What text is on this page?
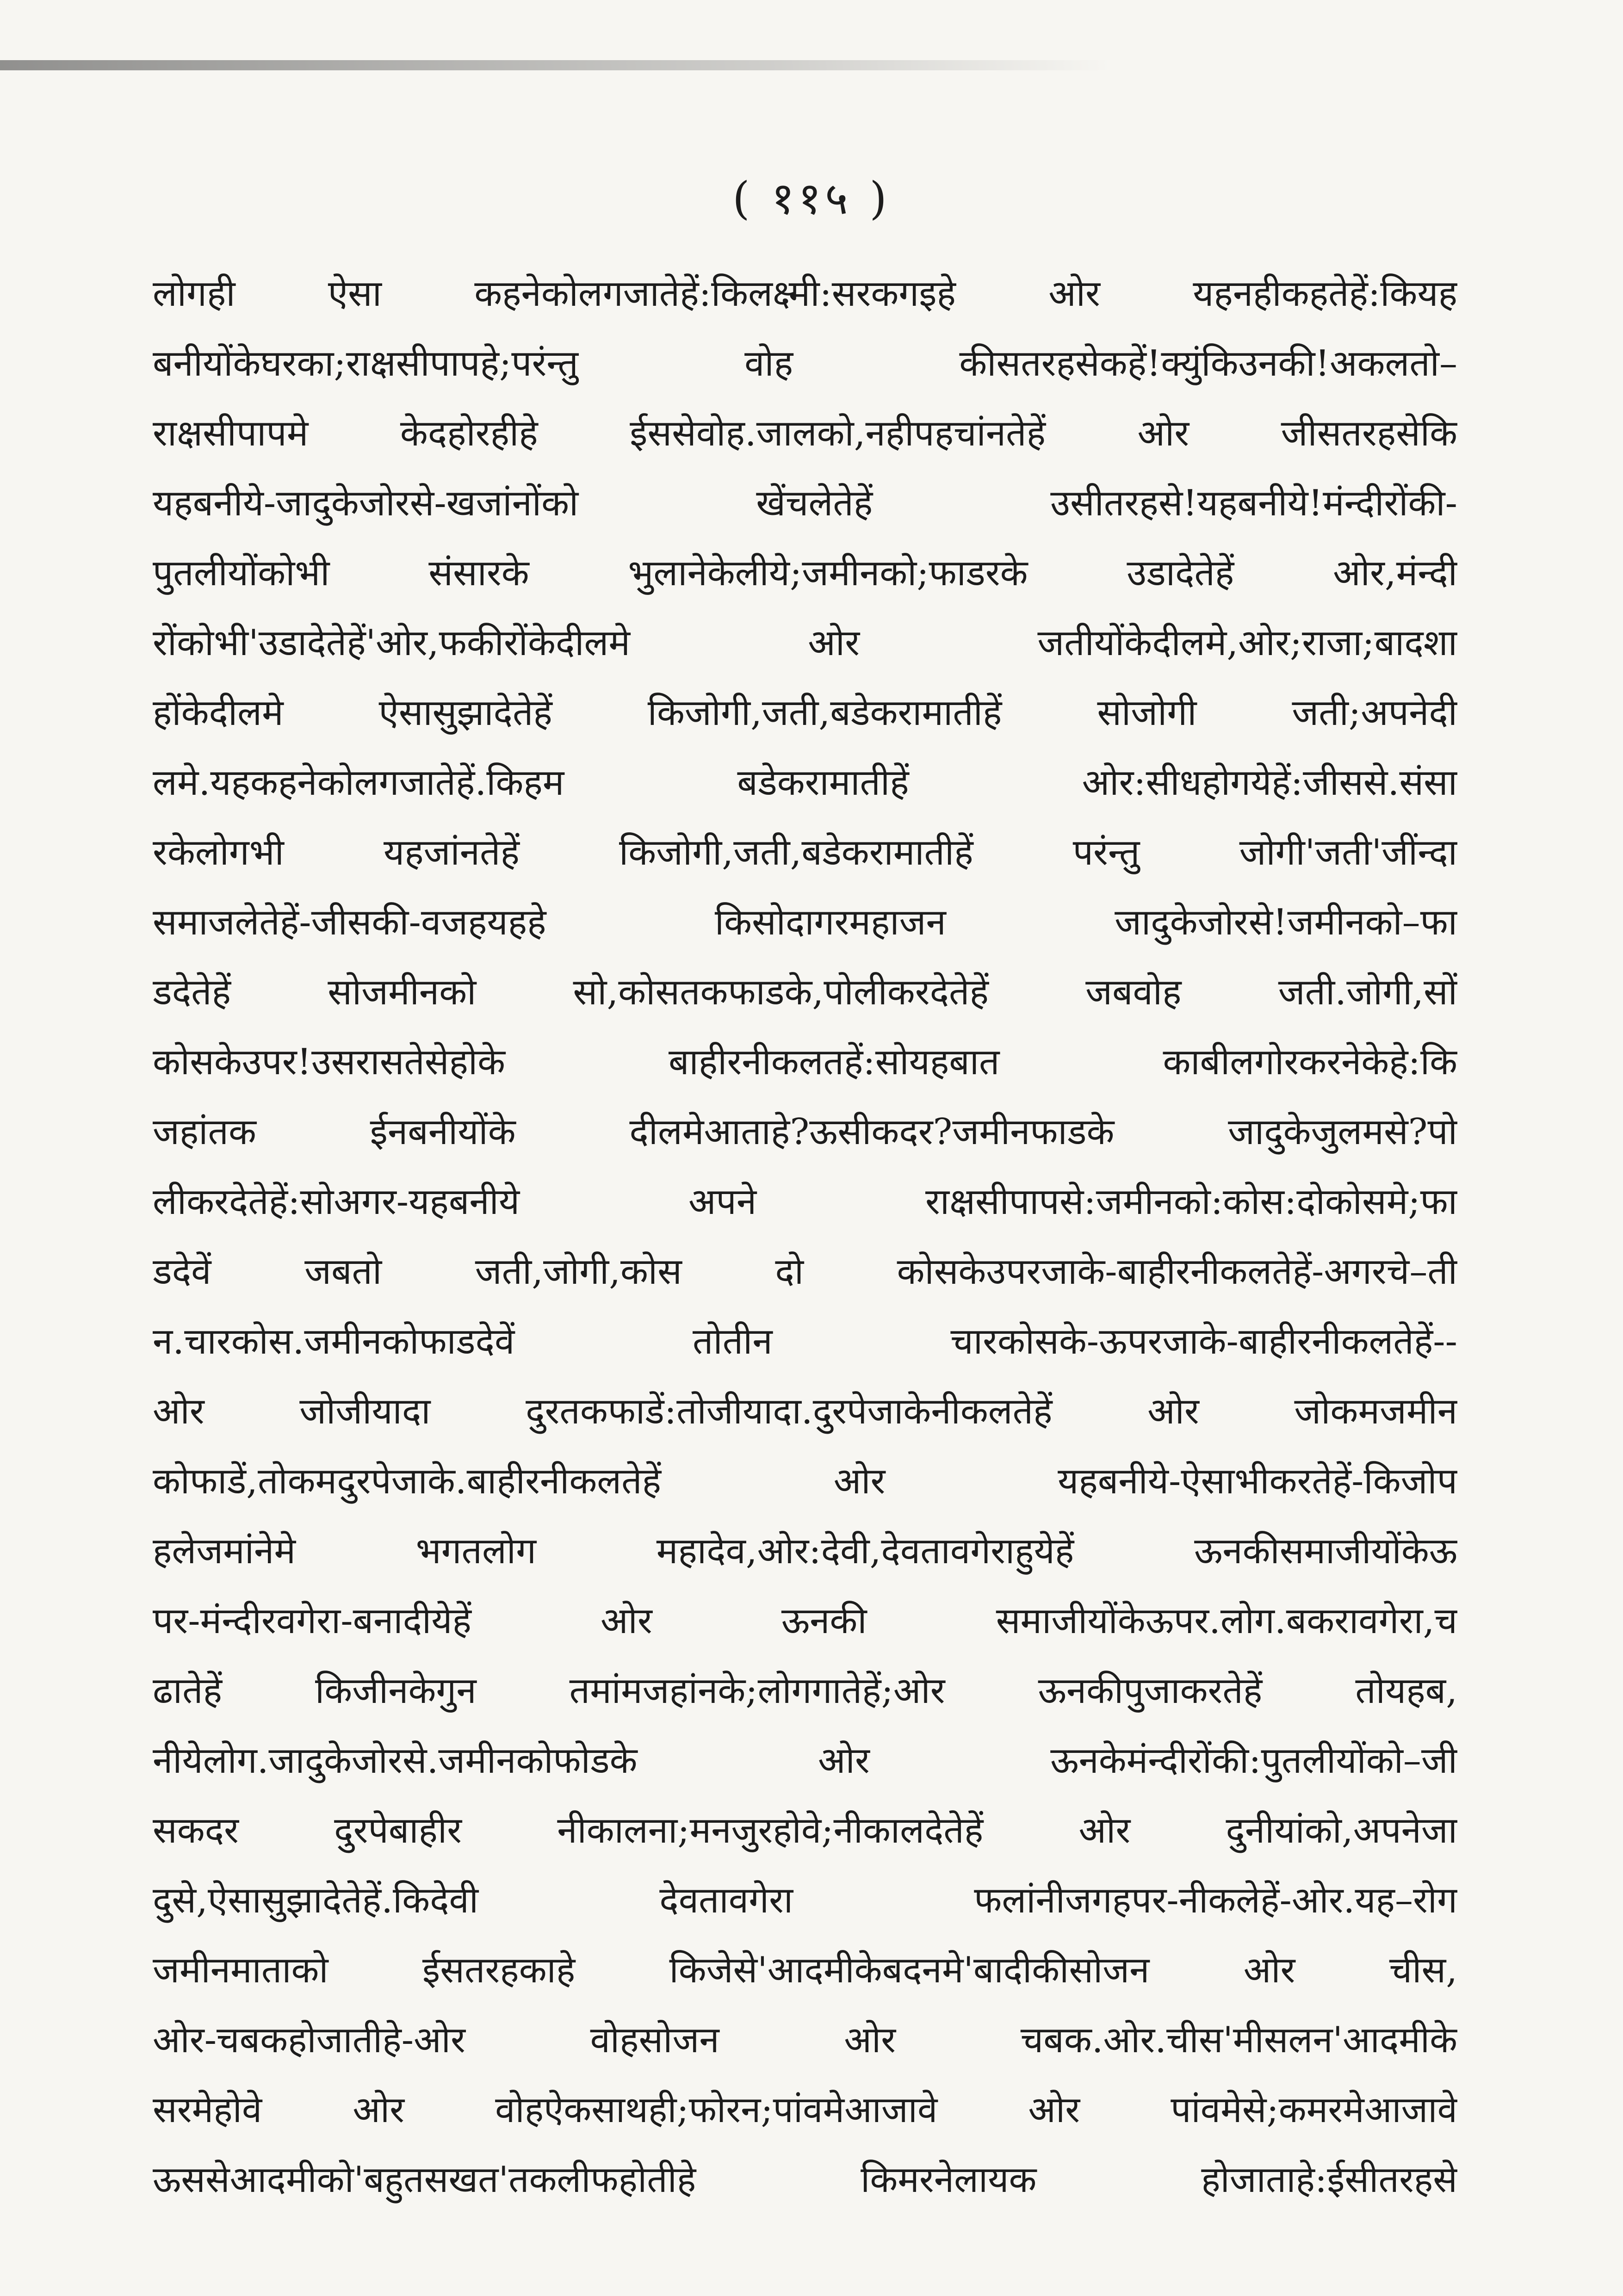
( ११५ )
लोगही ऐसा कहनेकोलगजातेहें:किलक्ष्मी:सरकगइहे ओर यहनहीकहतेहें:कियह
बनीयोंकेघरका;राक्षसीपापहे;परंन्तु वोह कीसतरहसेकहें!क्युंकिउनकी!अकलतो–
राक्षसीपापमे केदहोरहीहे ईससेवोह.जालको,नहीपहचांनतेहें ओर जीसतरहसेकि
यहबनीये-जादुकेजोरसे-खजांनोंको खेंचलेतेहें उसीतरहसे!यहबनीये!मंन्दीरोंकी-
पुतलीयोंकोभी संसारके भुलानेकेलीये;जमीनको;फाडरके उडादेतेहें ओर,मंन्दी
रोंकोभी'उडादेतेहें'ओर,फकीरोंकेदीलमे ओर जतीयोंकेदीलमे,ओर;राजा;बादशा
होंकेदीलमे ऐसासुझादेतेहें किजोगी,जती,बडेकरामातीहें सोजोगी जती;अपनेदी
लमे.यहकहनेकोलगजातेहें.किहम बडेकरामातीहें ओर:सीधहोगयेहें:जीससे.संसा
रकेलोगभी यहजांनतेहें किजोगी,जती,बडेकरामातीहें परंन्तु जोगी'जती'जींन्दा
समाजलेतेहें-जीसकी-वजहयहहे किसोदागरमहाजन जादुकेजोरसे!जमीनको–फा
डदेतेहें सोजमीनको सो,कोसतकफाडके,पोलीकरदेतेहें जबवोह जती.जोगी,सों
कोसकेउपर!उसरासतेसेहोके बाहीरनीकलतहें:सोयहबात काबीलगोरकरनेकेहे:कि
जहांतक ईनबनीयोंके दीलमेआताहे?ऊसीकदर?जमीनफाडके जादुकेजुलमसे?पो
लीकरदेतेहें:सोअगर-यहबनीये अपने राक्षसीपापसे:जमीनको:कोस:दोकोसमे;फा
डदेवें जबतो जती,जोगी,कोस दो कोसकेउपरजाके-बाहीरनीकलतेहें-अगरचे–ती
न.चारकोस.जमीनकोफाडदेवें तोतीन चारकोसके-ऊपरजाके-बाहीरनीकलतेहें--
ओर जोजीयादा दुरतकफाडें:तोजीयादा.दुरपेजाकेनीकलतेहें ओर जोकमजमीन
कोफाडें,तोकमदुरपेजाके.बाहीरनीकलतेहें ओर यहबनीये-ऐसाभीकरतेहें-किजोप
हलेजमांनेमे भगतलोग महादेव,ओर:देवी,देवतावगेराहुयेहें ऊनकीसमाजीयोंकेऊ
पर-मंन्दीरवगेरा-बनादीयेहें ओर ऊनकी समाजीयोंकेऊपर.लोग.बकरावगेरा,च
ढातेहें किजीनकेगुन तमांमजहांनके;लोगगातेहें;ओर ऊनकीपुजाकरतेहें तोयहब,
नीयेलोग.जादुकेजोरसे.जमीनकोफोडके ओर ऊनकेमंन्दीरोंकी:पुतलीयोंको–जी
सकदर दुरपेबाहीर नीकालना;मनजुरहोवे;नीकालदेतेहें ओर दुनीयांको,अपनेजा
दुसे,ऐसासुझादेतेहें.किदेवी देवतावगेरा फलांनीजगहपर-नीकलेहें-ओर.यह–रोग
जमीनमाताको ईसतरहकाहे किजेसे'आदमीकेबदनमे'बादीकीसोजन ओर चीस,
ओर-चबकहोजातीहे-ओर वोहसोजन ओर चबक.ओर.चीस'मीसलन'आदमीके
सरमेहोवे ओर वोहऐकसाथही;फोरन;पांवमेआजावे ओर पांवमेसे;कमरमेआजावे
ऊससेआदमीको'बहुतसखत'तकलीफहोतीहे किमरनेलायक होजाताहे:ईसीतरहसे
